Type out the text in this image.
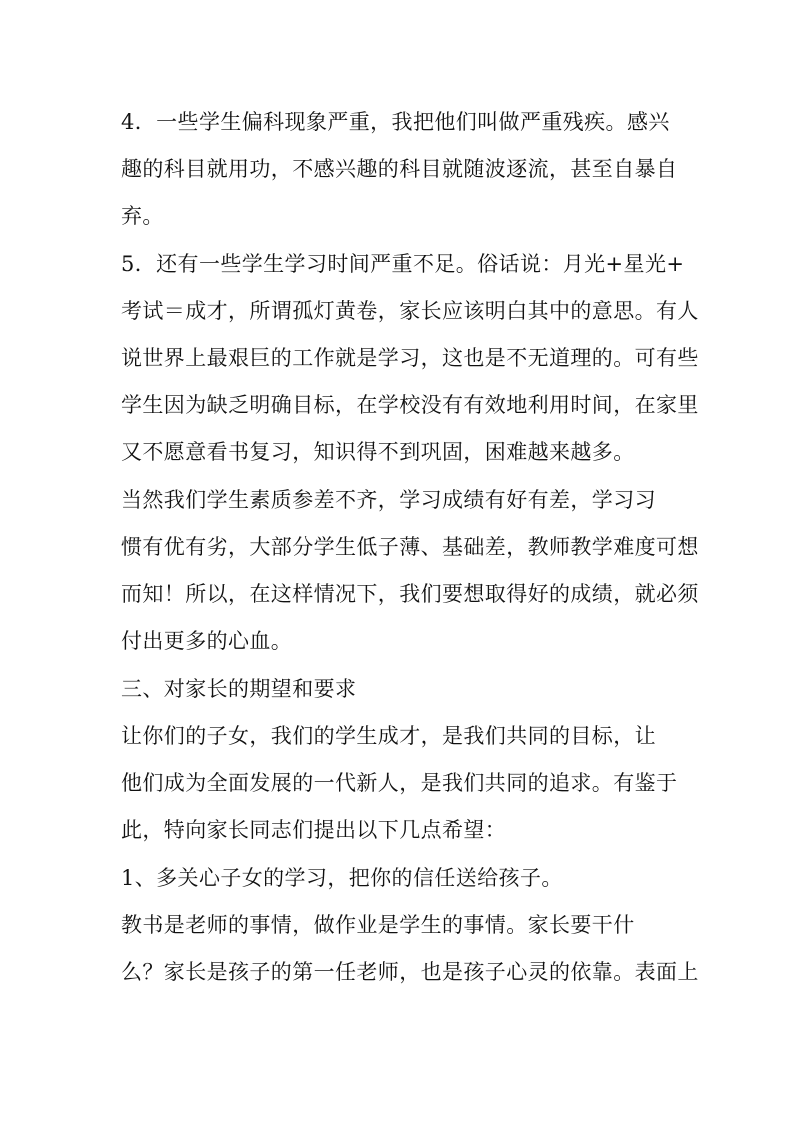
4．一些学生偏科现象严重，我把他们叫做严重残疾。感兴

趣的科目就用功，不感兴趣的科目就随波逐流，甚至自暴自

弃。

5．还有一些学生学习时间严重不足。俗话说：月光+星光+

考试＝成才，所谓孤灯黄卷，家长应该明白其中的意思。有人

说世界上最艰巨的工作就是学习，这也是不无道理的。可有些

学生因为缺乏明确目标，在学校没有有效地利用时间，在家里

又不愿意看书复习，知识得不到巩固，困难越来越多。

当然我们学生素质参差不齐，学习成绩有好有差，学习习

惯有优有劣，大部分学生低子薄、基础差，教师教学难度可想

而知！所以，在这样情况下，我们要想取得好的成绩，就必须

付出更多的心血。

三、对家长的期望和要求

让你们的子女，我们的学生成才，是我们共同的目标，让

他们成为全面发展的一代新人，是我们共同的追求。有鉴于

此，特向家长同志们提出以下几点希望：

1、多关心子女的学习，把你的信任送给孩子。

教书是老师的事情，做作业是学生的事情。家长要干什

么？家长是孩子的第一任老师，也是孩子心灵的依靠。表面上
